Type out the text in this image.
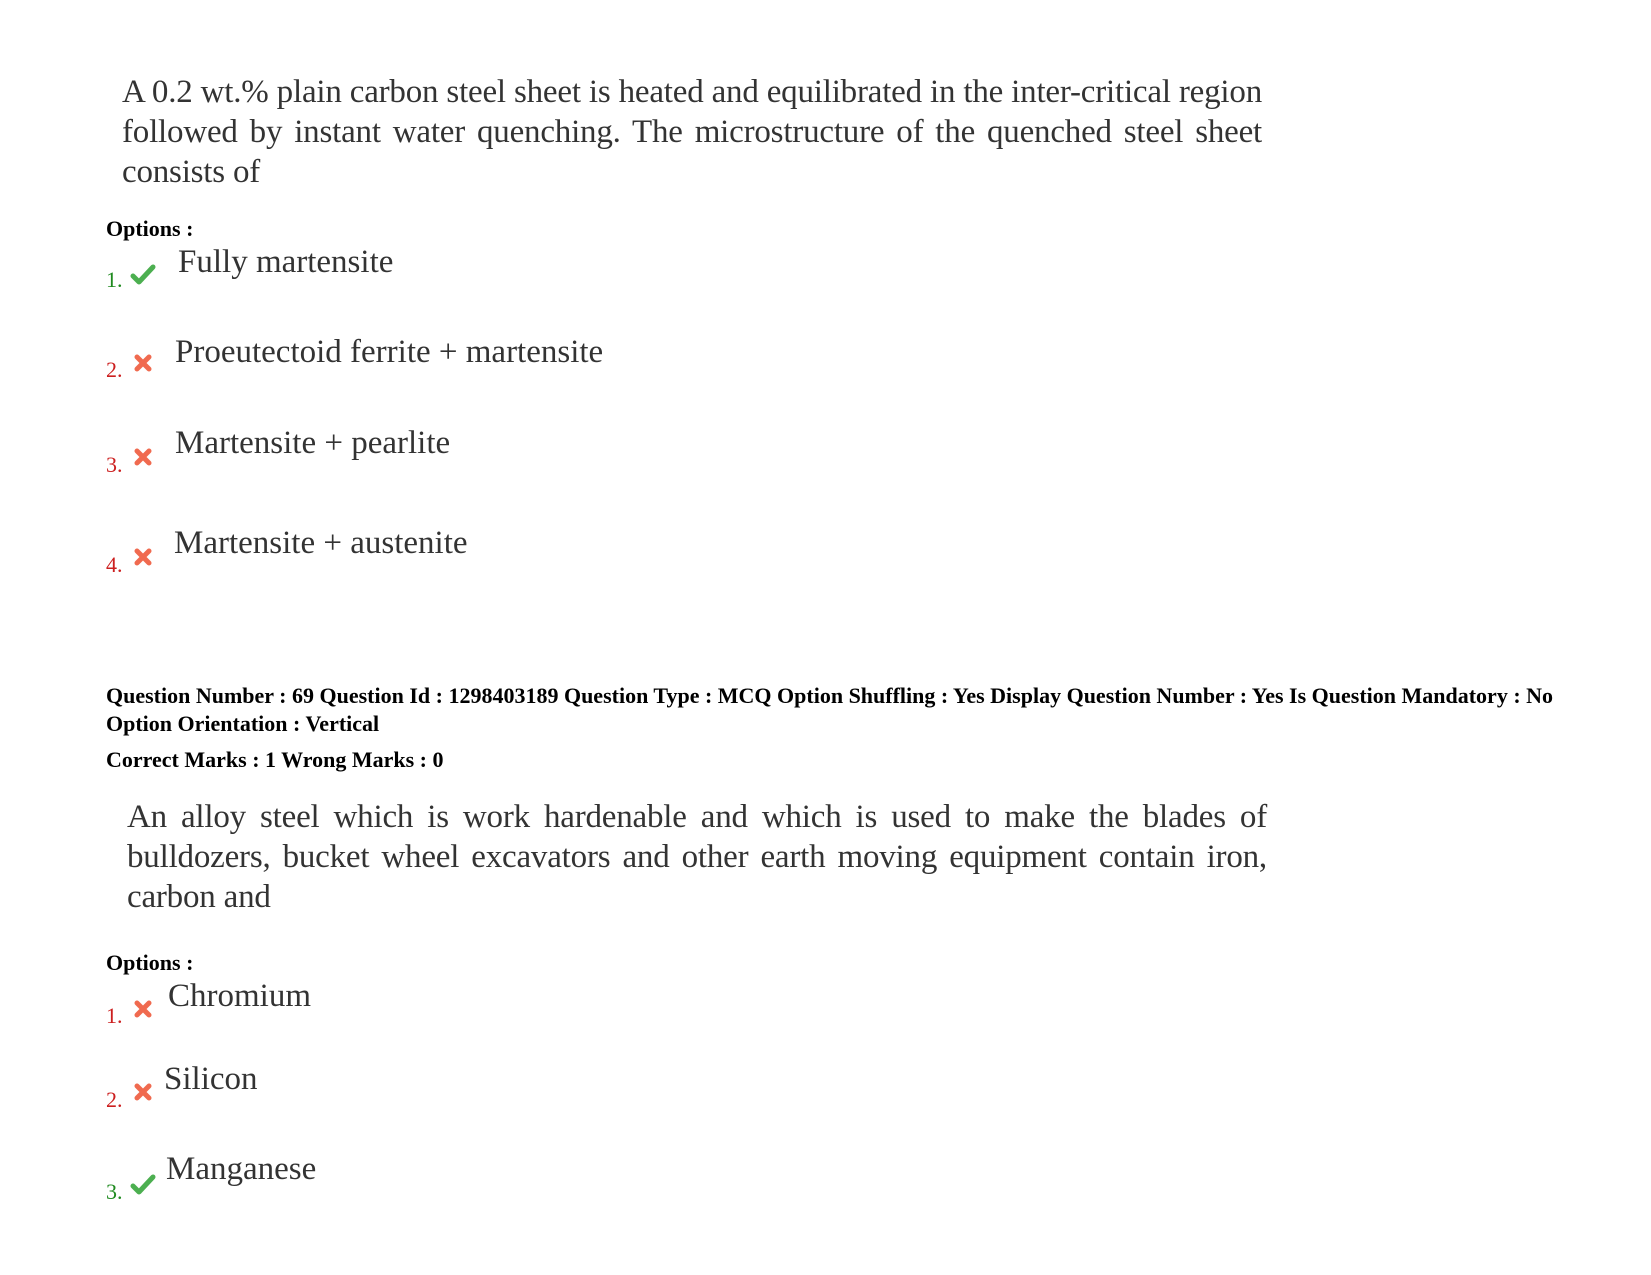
A 0.2 wt.% plain carbon steel sheet is heated and equilibrated in the inter-critical region followed by instant water quenching. The microstructure of the quenched steel sheet consists of
Options :
1. Fully martensite
2. Proeutectoid ferrite + martensite
3.
Martensite + pearlite
4.
Martensite + austenite
Question Number : 69 Question Id : 1298403189 Question Type : MCQ Option Shuffling : Yes Display Question Number : Yes Is Question Mandatory : No Option Orientation : Vertical
Correct Marks : 1 Wrong Marks : 0
An alloy steel which is work hardenable and which is used to make the blades of bulldozers, bucket wheel excavators and other earth moving equipment contain iron, carbon and
Options :
1.
Chromium
2.
Silicon
3.
Manganese
